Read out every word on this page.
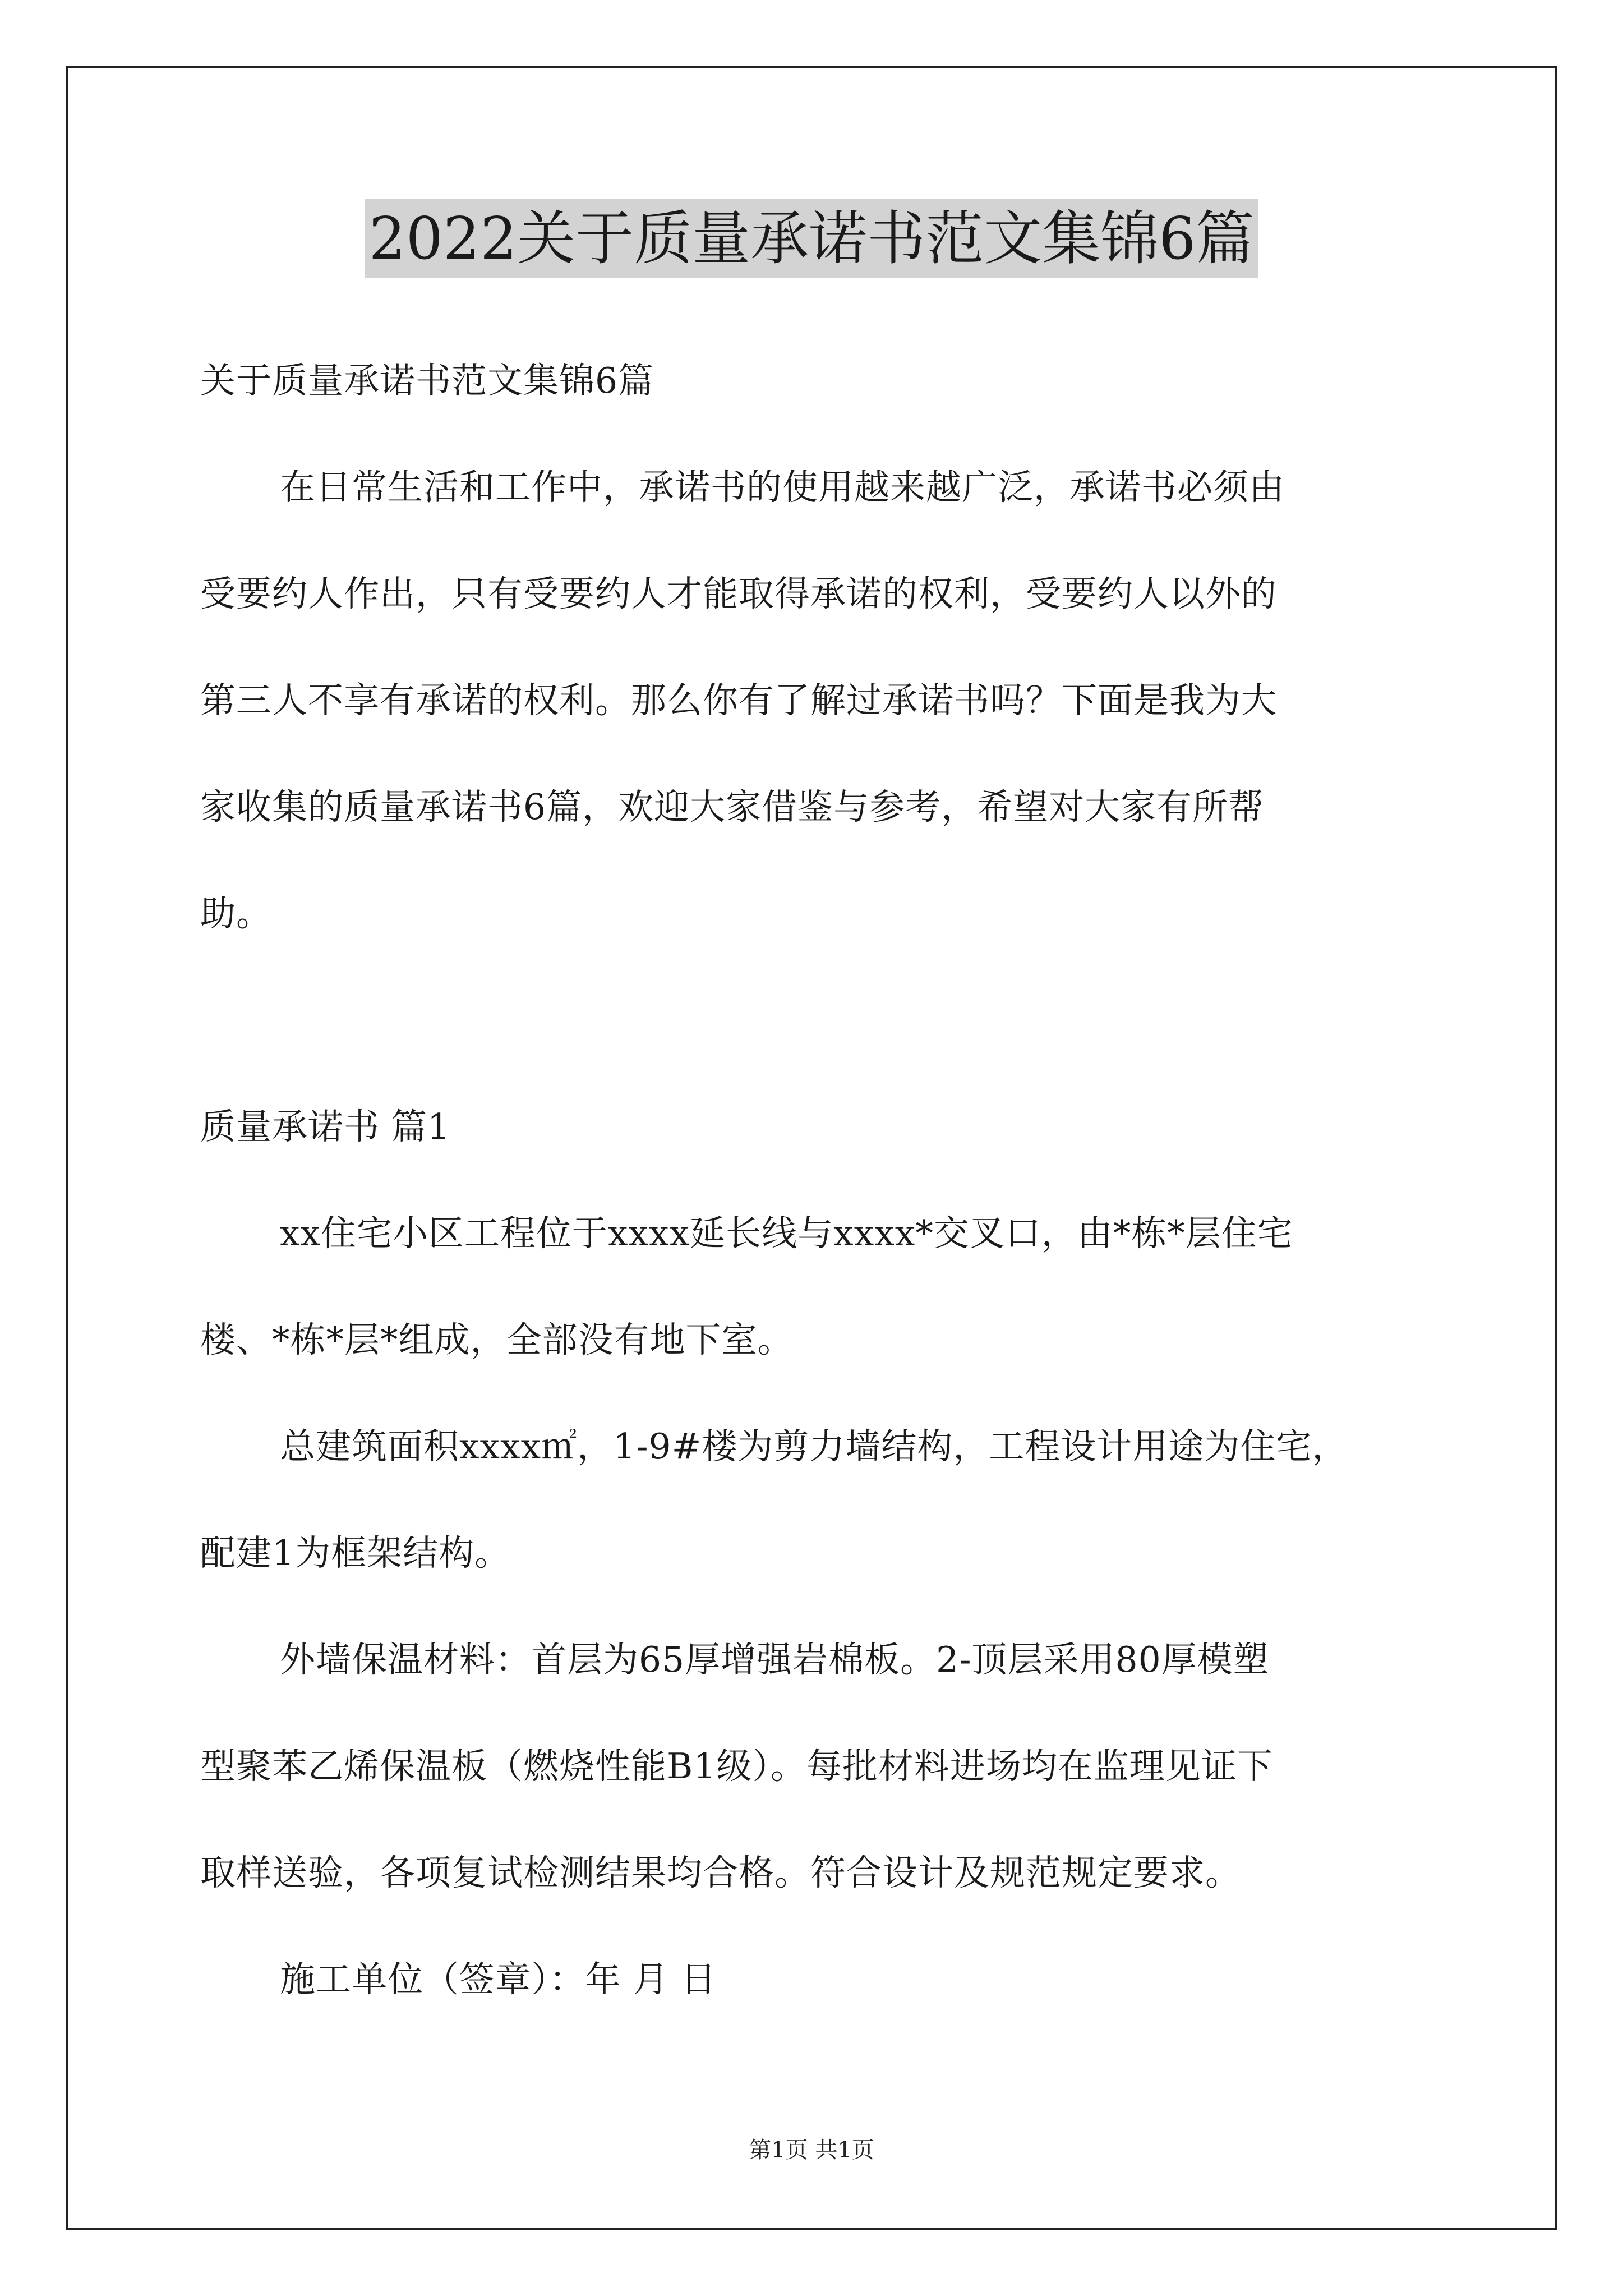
2022关于质量承诺书范文集锦6篇

关于质量承诺书范文集锦6篇

在日常生活和工作中，承诺书的使用越来越广泛，承诺书必须由

受要约人作出，只有受要约人才能取得承诺的权利，受要约人以外的

第三人不享有承诺的权利。那么你有了解过承诺书吗？下面是我为大

家收集的质量承诺书6篇，欢迎大家借鉴与参考，希望对大家有所帮

助。

质量承诺书 篇1

xx住宅小区工程位于xxxx延长线与xxxx*交叉口，由*栋*层住宅

楼、*栋*层*组成，全部没有地下室。

总建筑面积xxxx㎡，1-9#楼为剪力墙结构，工程设计用途为住宅，

配建1为框架结构。

外墙保温材料：首层为65厚增强岩棉板。2-顶层采用80厚模塑

型聚苯乙烯保温板（燃烧性能B1级）。每批材料进场均在监理见证下

取样送验，各项复试检测结果均合格。符合设计及规范规定要求。

施工单位（签章）：年 月 日

第1页 共1页
